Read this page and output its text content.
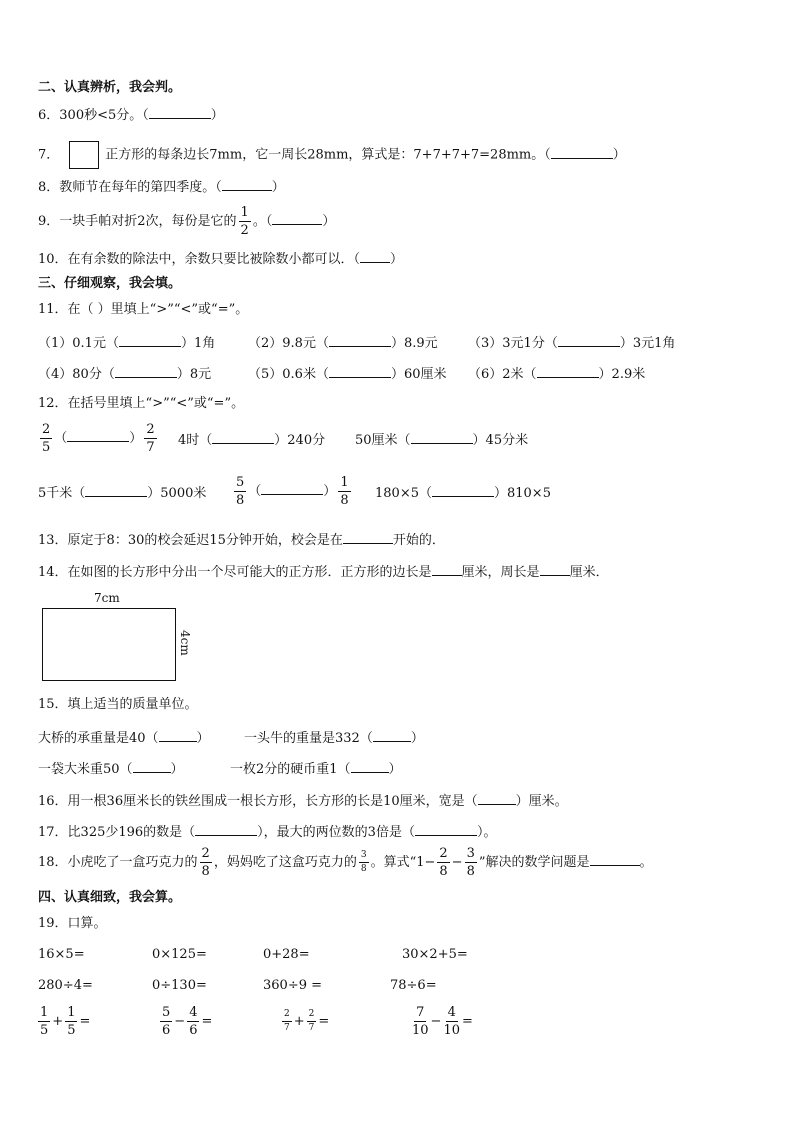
二、认真辨析，我会判。
6．300秒<5分。（	）
7．	正方形的每条边长7mm，它一周长28mm，算式是：7+7+7+7=28mm。（	）
8．教师节在每年的第四季度。（	）
9．一块手帕对折2次，每份是它的 $\frac{1}{2}$ 。（	）
10．在有余数的除法中，余数只要比被除数小都可以．（ ）
三、仔细观察，我会填。
11．在（ ）里填上“>”“<”或“=”。
（1）0.1元（	）1角	（2）9.8元（	）8.9元 （3）3元1分（	）3元1角
（4）80分（	）8元	（5）0.6米（	）60厘米 （6）2米（	）2.9米
12．在括号里填上“>”“<”或“=”。
$\frac{2}{5}$ （	） $\frac{2}{7} 4$时（	）240分 50厘米（	）45分米
5千米（	）5000米 $\frac{5}{8}$ （	） $\frac{1}{8} 180\times 5$（	）810×5
13．原定于8：30的校会延迟15分钟开始，校会是在	开始的．
14．在如图的长方形中分出一个尽可能大的正方形．正方形的边长是 厘米，周长是 厘米．
7cm
4cm
15．填上适当的质量单位。
大桥的承重量是40（	）	一头牛的重量是332（	）
一袋大米重50（	）	一枚2分的硬币重1（	）
16．用一根36厘米长的铁丝围成一根长方形，长方形的长是10厘米，宽是（	）厘米。
17．比325少196的数是（	），最大的两位数的3倍是（	）。
18．小虎吃了一盒巧克力的 $\frac{2}{8}$ ，妈妈吃了这盒巧克力的 $\frac{3}{8}$ 。算式“$1- \frac{2}{8} - \frac{3}{8}$ ”解决的数学问题是	。
四、认真细致，我会算。
19．口算。
16×5=	0×125=	0+28=	30×2+5=
280÷4=	0÷130=	360÷9 =	78÷6=
$\frac{1}{5} + \frac{1}{5}$ =	$\frac{5}{6} - \frac{4}{6}$ =	$\frac{2}{7} + \frac{2}{7}$ =	$\frac{7}{10} - \frac{4}{10}$ =
